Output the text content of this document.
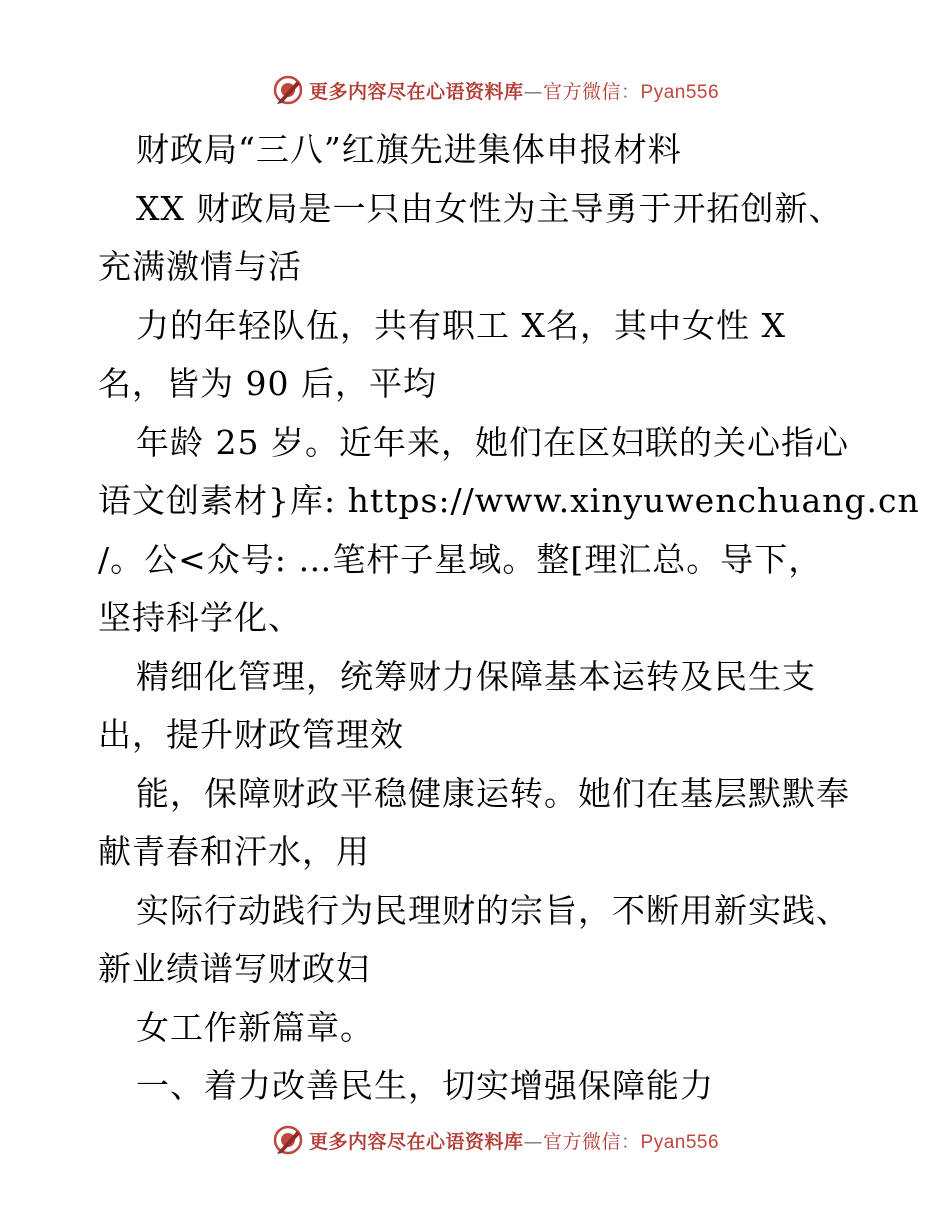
更多内容尽在心语资料库—官方微信：Pyan556
财政局“三八”红旗先进集体申报材料
XX 财政局是一只由女性为主导勇于开拓创新、
充满激情与活
力的年轻队伍，共有职工 X名，其中女性 X
名，皆为 90 后，平均
年龄 25 岁。近年来，她们在区妇联的关心指心
语文创素材}库: https://www.xinyuwenchuang.cn
/。公<众号: …笔杆子星域。整[理汇总。导下，
坚持科学化、
精细化管理，统筹财力保障基本运转及民生支
出，提升财政管理效
能，保障财政平稳健康运转。她们在基层默默奉
献青春和汗水，用
实际行动践行为民理财的宗旨，不断用新实践、
新业绩谱写财政妇
女工作新篇章。
一、着力改善民生，切实增强保障能力
更多内容尽在心语资料库—官方微信：Pyan556
